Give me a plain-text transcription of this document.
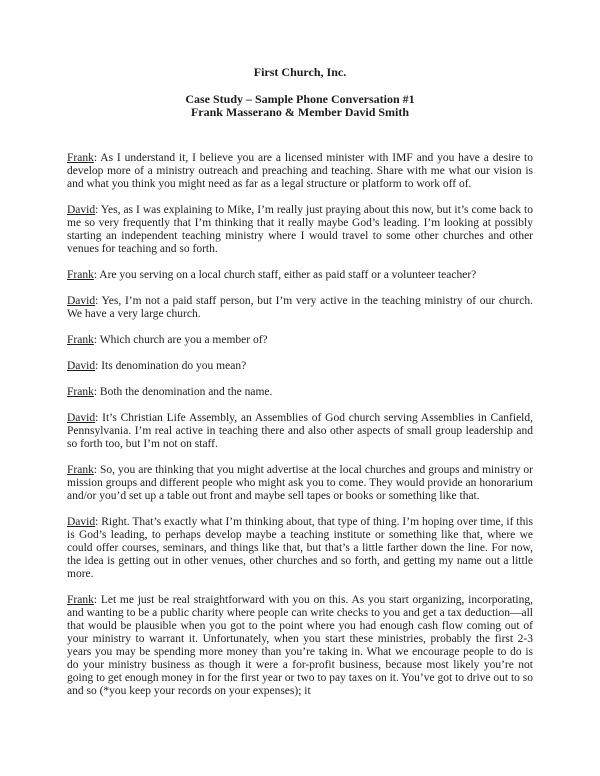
First Church, Inc.

Case Study – Sample Phone Conversation #1

Frank Masserano & Member David Smith

Frank: As I understand it, I believe you are a licensed minister with IMF and you have a desire to develop more of a ministry outreach and preaching and teaching. Share with me what our vision is and what you think you might need as far as a legal structure or platform to work off of.

David: Yes, as I was explaining to Mike, I’m really just praying about this now, but it’s come back to me so very frequently that I’m thinking that it really maybe God’s leading. I’m looking at possibly starting an independent teaching ministry where I would travel to some other churches and other venues for teaching and so forth.

Frank: Are you serving on a local church staff, either as paid staff or a volunteer teacher?

David: Yes, I’m not a paid staff person, but I’m very active in the teaching ministry of our church. We have a very large church.

Frank: Which church are you a member of?

David: Its denomination do you mean?

Frank: Both the denomination and the name.

David: It’s Christian Life Assembly, an Assemblies of God church serving Assemblies in Canfield, Pennsylvania. I’m real active in teaching there and also other aspects of small group leadership and so forth too, but I’m not on staff.

Frank: So, you are thinking that you might advertise at the local churches and groups and ministry or mission groups and different people who might ask you to come. They would provide an honorarium and/or you’d set up a table out front and maybe sell tapes or books or something like that.

David: Right. That’s exactly what I’m thinking about, that type of thing. I’m hoping over time, if this is God’s leading, to perhaps develop maybe a teaching institute or something like that, where we could offer courses, seminars, and things like that, but that’s a little farther down the line. For now, the idea is getting out in other venues, other churches and so forth, and getting my name out a little more.

Frank: Let me just be real straightforward with you on this. As you start organizing, incorporating, and wanting to be a public charity where people can write checks to you and get a tax deduction—all that would be plausible when you got to the point where you had enough cash flow coming out of your ministry to warrant it. Unfortunately, when you start these ministries, probably the first 2-3 years you may be spending more money than you’re taking in. What we encourage people to do is do your ministry business as though it were a for-profit business, because most likely you’re not going to get enough money in for the first year or two to pay taxes on it. You’ve got to drive out to so and so (*you keep your records on your expenses); it
